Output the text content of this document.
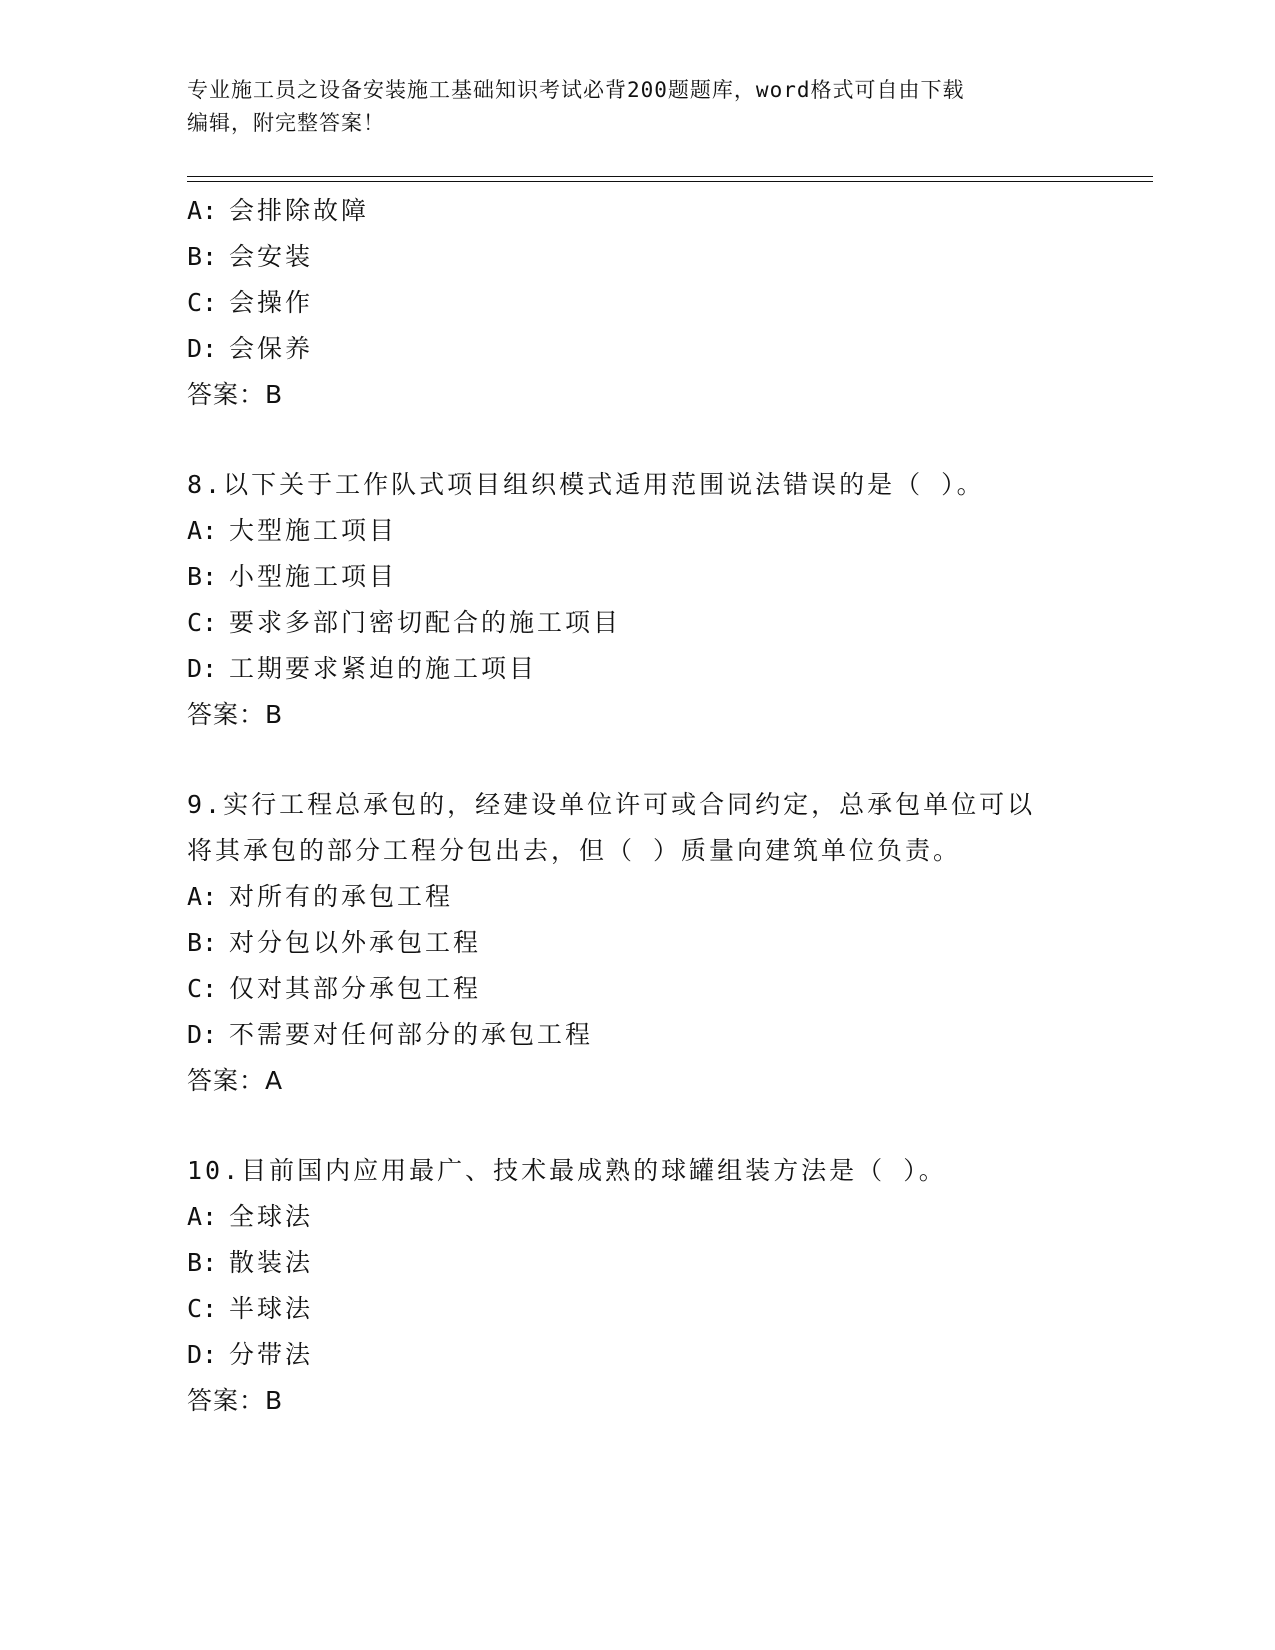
专业施工员之设备安装施工基础知识考试必背200题题库，word格式可自由下载
编辑，附完整答案！
A: 会排除故障
B: 会安装
C: 会操作
D: 会保养
答案：B
8.以下关于工作队式项目组织模式适用范围说法错误的是（ ）。
A: 大型施工项目
B: 小型施工项目
C: 要求多部门密切配合的施工项目
D: 工期要求紧迫的施工项目
答案：B
9.实行工程总承包的，经建设单位许可或合同约定，总承包单位可以
将其承包的部分工程分包出去，但（ ）质量向建筑单位负责。
A: 对所有的承包工程
B: 对分包以外承包工程
C: 仅对其部分承包工程
D: 不需要对任何部分的承包工程
答案：A
10.目前国内应用最广、技术最成熟的球罐组装方法是（ ）。
A: 全球法
B: 散装法
C: 半球法
D: 分带法
答案：B
